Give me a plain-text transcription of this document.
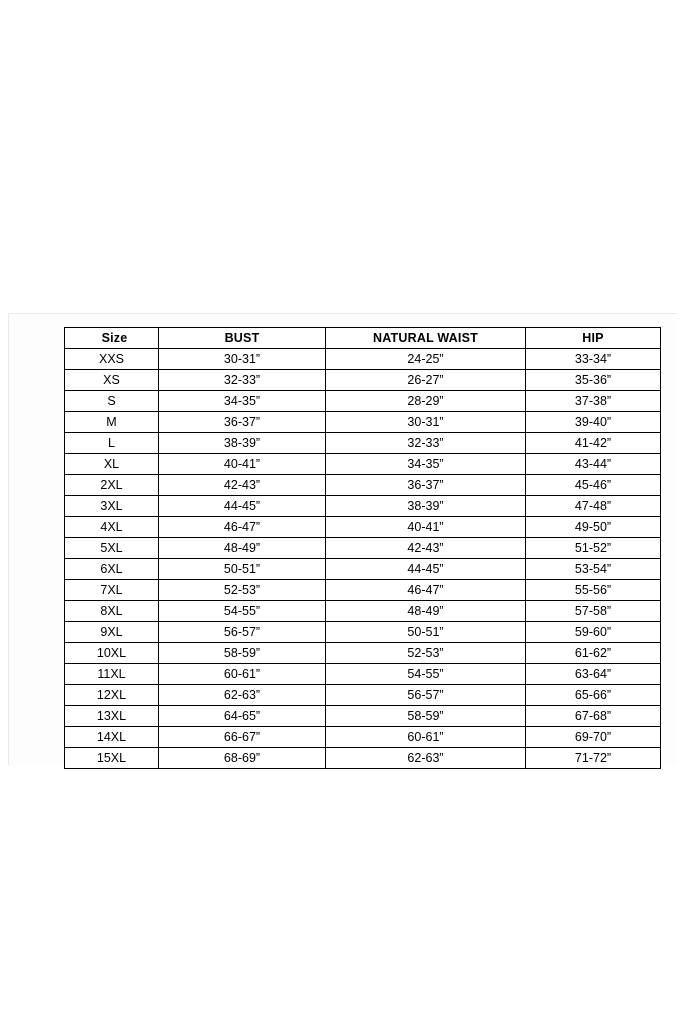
Size	BUST	NATURAL WAIST	HIP
XXS	30-31”	24-25”	33-34”
XS	32-33”	26-27”	35-36”
S	34-35”	28-29”	37-38”
M	36-37”	30-31”	39-40”
L	38-39”	32-33”	41-42”
XL	40-41”	34-35”	43-44”
2XL	42-43”	36-37”	45-46”
3XL	44-45”	38-39”	47-48”
4XL	46-47”	40-41”	49-50”
5XL	48-49”	42-43”	51-52”
6XL	50-51”	44-45”	53-54”
7XL	52-53”	46-47”	55-56”
8XL	54-55”	48-49”	57-58”
9XL	56-57”	50-51”	59-60”
10XL	58-59”	52-53”	61-62”
11XL	60-61”	54-55”	63-64”
12XL	62-63”	56-57”	65-66”
13XL	64-65”	58-59”	67-68”
14XL	66-67”	60-61”	69-70”
15XL	68-69”	62-63”	71-72”
